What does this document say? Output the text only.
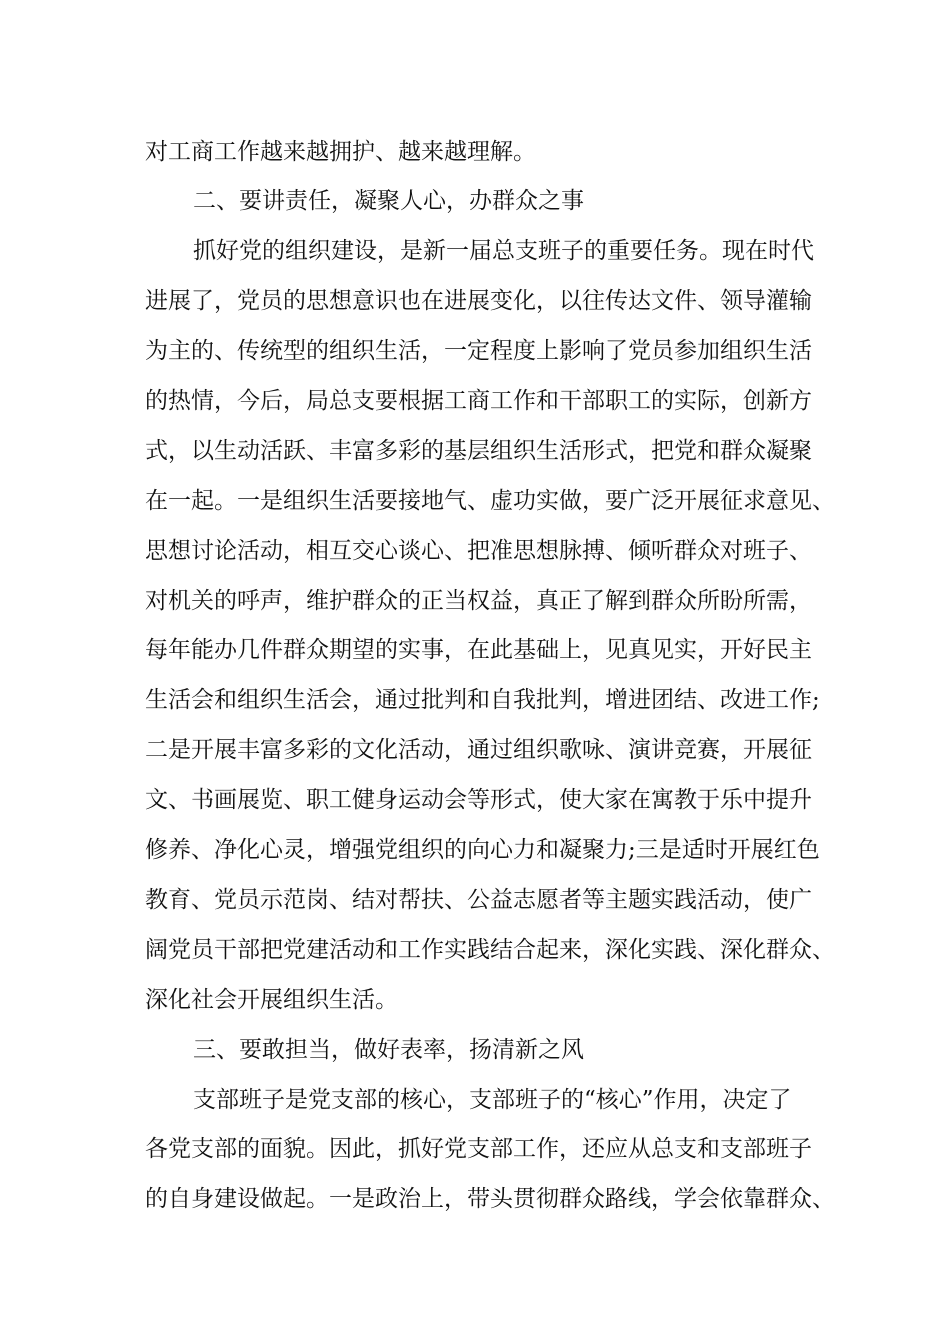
对工商工作越来越拥护、越来越理解。
二、要讲责任，凝聚人心，办群众之事
抓好党的组织建设，是新一届总支班子的重要任务。现在时代
进展了，党员的思想意识也在进展变化，以往传达文件、领导灌输
为主的、传统型的组织生活，一定程度上影响了党员参加组织生活
的热情，今后，局总支要根据工商工作和干部职工的实际，创新方
式，以生动活跃、丰富多彩的基层组织生活形式，把党和群众凝聚
在一起。一是组织生活要接地气、虚功实做，要广泛开展征求意见、
思想讨论活动，相互交心谈心、把准思想脉搏、倾听群众对班子、
对机关的呼声，维护群众的正当权益，真正了解到群众所盼所需，
每年能办几件群众期望的实事，在此基础上，见真见实，开好民主
生活会和组织生活会，通过批判和自我批判，增进团结、改进工作;
二是开展丰富多彩的文化活动，通过组织歌咏、演讲竞赛，开展征
文、书画展览、职工健身运动会等形式，使大家在寓教于乐中提升
修养、净化心灵，增强党组织的向心力和凝聚力;三是适时开展红色
教育、党员示范岗、结对帮扶、公益志愿者等主题实践活动，使广
阔党员干部把党建活动和工作实践结合起来，深化实践、深化群众、
深化社会开展组织生活。
三、要敢担当，做好表率，扬清新之风
支部班子是党支部的核心，支部班子的“核心”作用，决定了
各党支部的面貌。因此，抓好党支部工作，还应从总支和支部班子
的自身建设做起。一是政治上，带头贯彻群众路线，学会依靠群众、
